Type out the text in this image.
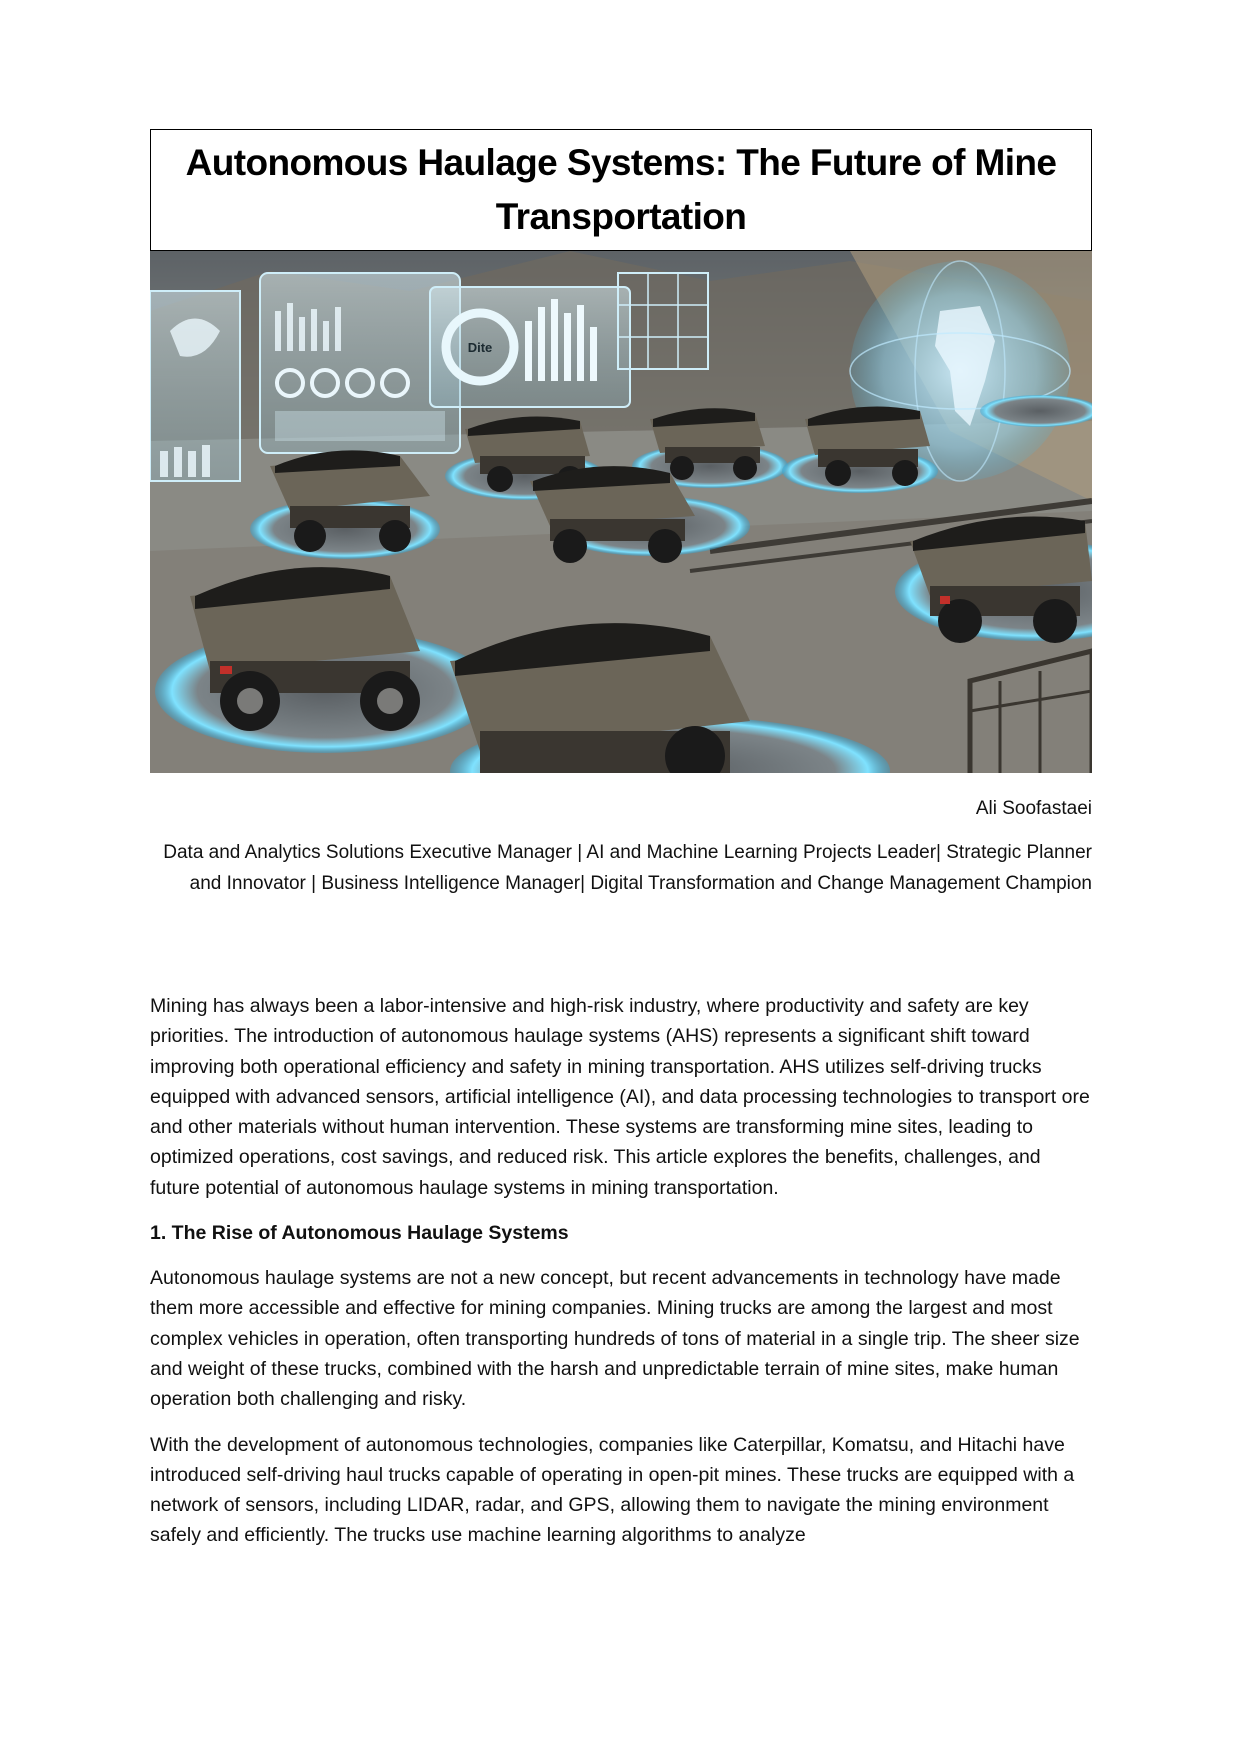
Autonomous Haulage Systems: The Future of Mine Transportation
Dite
Ali Soofastaei
Data and Analytics Solutions Executive Manager | AI and Machine Learning Projects Leader| Strategic Planner and Innovator | Business Intelligence Manager| Digital Transformation and Change Management Champion

Mining has always been a labor-intensive and high-risk industry, where productivity and safety are key priorities. The introduction of autonomous haulage systems (AHS) represents a significant shift toward improving both operational efficiency and safety in mining transportation. AHS utilizes self-driving trucks equipped with advanced sensors, artificial intelligence (AI), and data processing technologies to transport ore and other materials without human intervention. These systems are transforming mine sites, leading to optimized operations, cost savings, and reduced risk. This article explores the benefits, challenges, and future potential of autonomous haulage systems in mining transportation.

1. The Rise of Autonomous Haulage Systems

Autonomous haulage systems are not a new concept, but recent advancements in technology have made them more accessible and effective for mining companies. Mining trucks are among the largest and most complex vehicles in operation, often transporting hundreds of tons of material in a single trip. The sheer size and weight of these trucks, combined with the harsh and unpredictable terrain of mine sites, make human operation both challenging and risky.

With the development of autonomous technologies, companies like Caterpillar, Komatsu, and Hitachi have introduced self-driving haul trucks capable of operating in open-pit mines. These trucks are equipped with a network of sensors, including LIDAR, radar, and GPS, allowing them to navigate the mining environment safely and efficiently. The trucks use machine learning algorithms to analyze
